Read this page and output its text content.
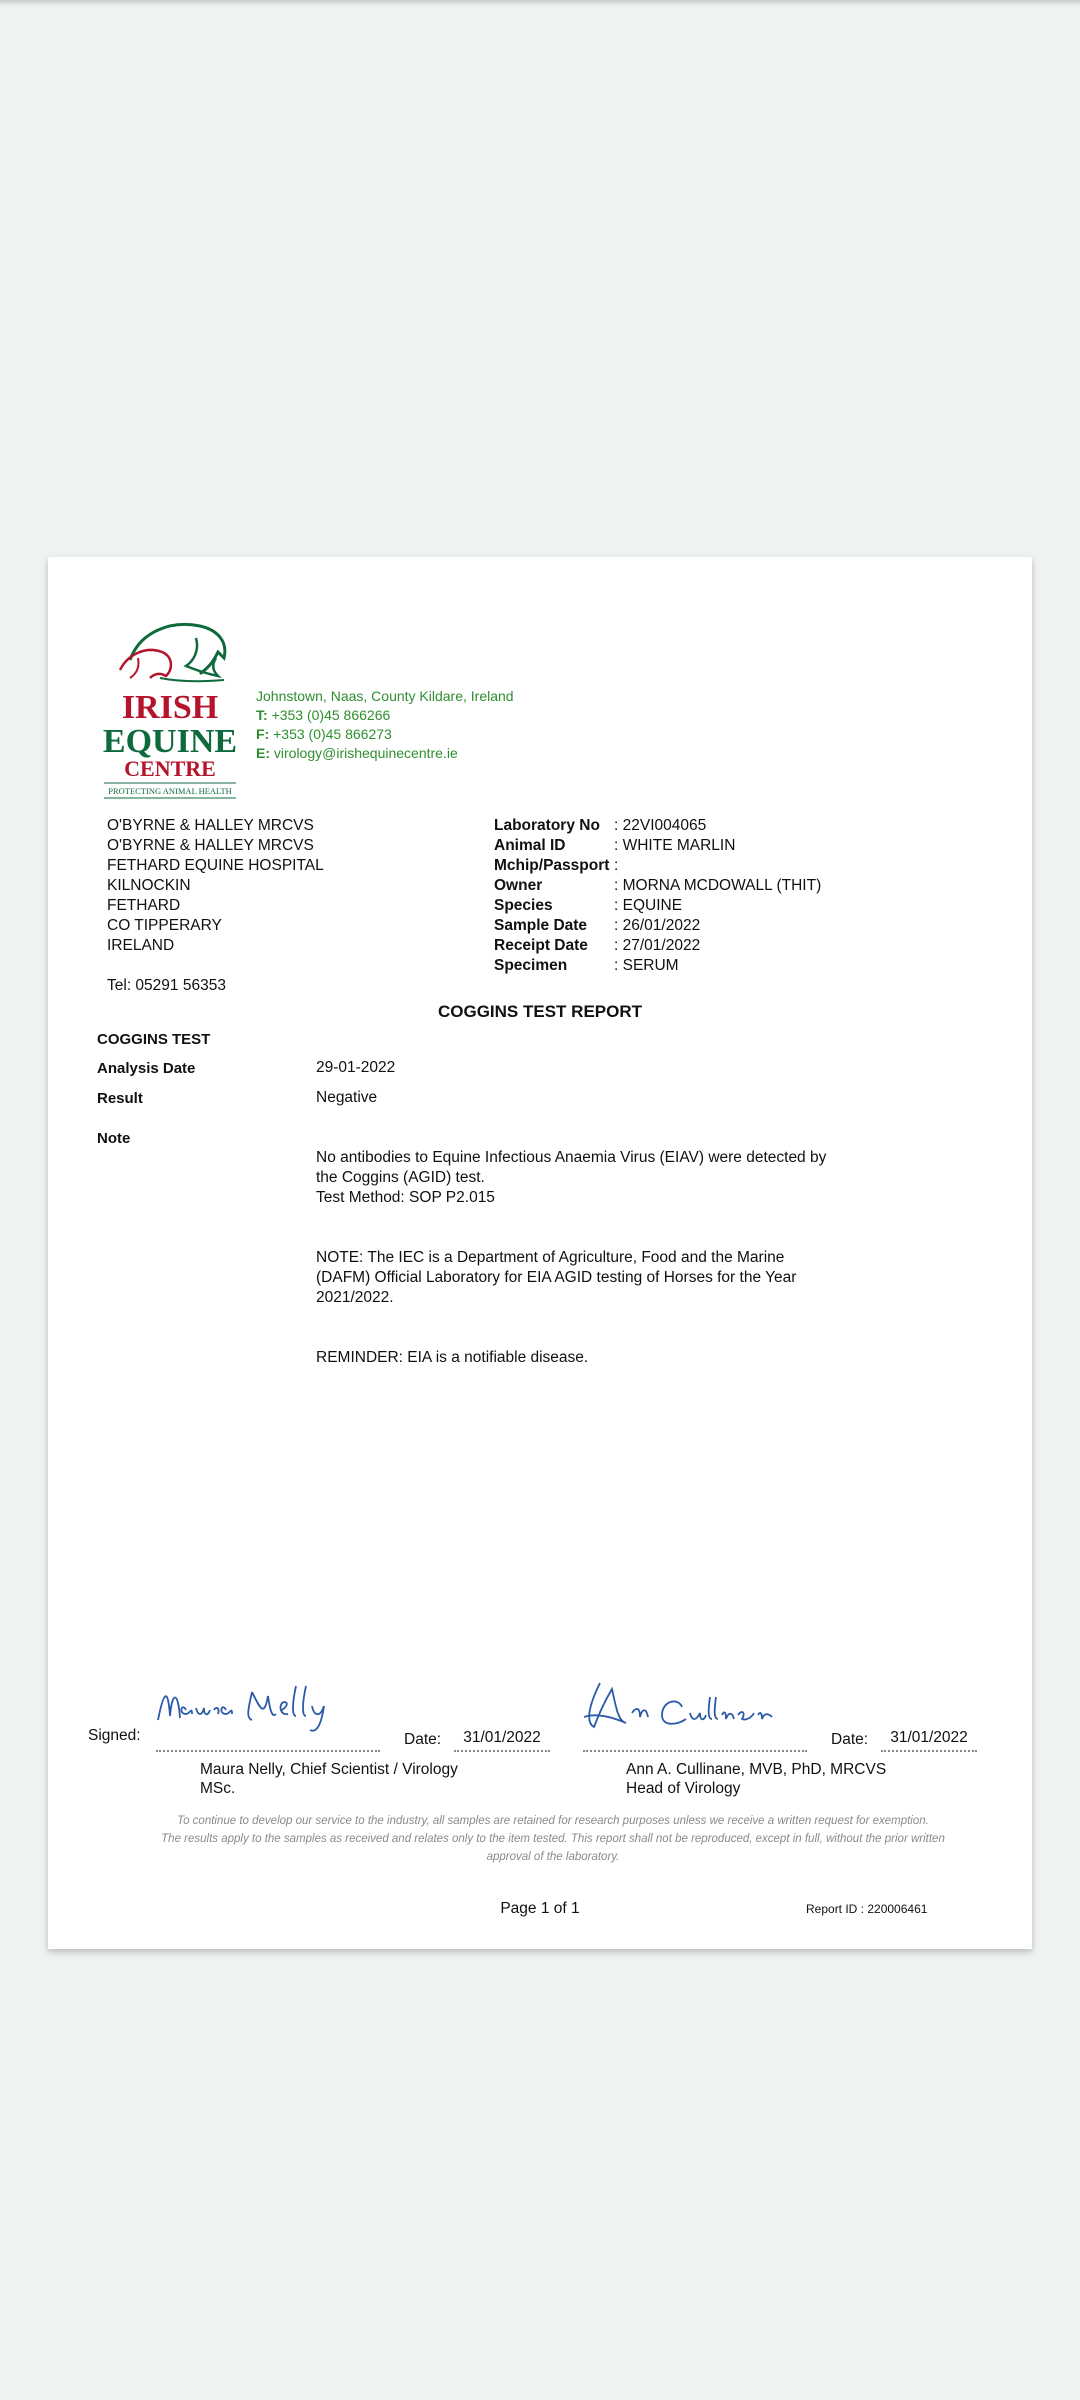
IRISH
EQUINE
CENTRE
PROTECTING ANIMAL HEALTH
Johnstown, Naas, County Kildare, Ireland
T: +353 (0)45 866266
F: +353 (0)45 866273
E: virology@irishequinecentre.ie
O'BYRNE & HALLEY MRCVS
O'BYRNE & HALLEY MRCVS
FETHARD EQUINE HOSPITAL
KILNOCKIN
FETHARD
CO TIPPERARY
IRELAND
Tel: 05291 56353
Laboratory No : 22VI004065
Animal ID	: WHITE MARLIN
Mchip/Passport :
Owner	: MORNA MCDOWALL (THIT)
Species	: EQUINE
Sample Date	: 26/01/2022
Receipt Date	: 27/01/2022
Specimen	: SERUM
COGGINS TEST REPORT
COGGINS TEST
Analysis Date	29-01-2022
Result	Negative
Note

No antibodies to Equine Infectious Anaemia Virus (EIAV) were detected by the Coggins (AGID) test.
Test Method: SOP P2.015

NOTE: The IEC is a Department of Agriculture, Food and the Marine (DAFM) Official Laboratory for EIA AGID testing of Horses for the Year 2021/2022.

REMINDER: EIA is a notifiable disease.

Signed:	Date:	31/01/2022	Date:	31/01/2022
Maura Nelly, Chief Scientist / Virology
MSc.
Ann A. Cullinane, MVB, PhD, MRCVS
Head of Virology
To continue to develop our service to the industry, all samples are retained for research purposes unless we receive a written request for exemption.
The results apply to the samples as received and relates only to the item tested. This report shall not be reproduced, except in full, without the prior written approval of the laboratory.
Page 1 of 1	Report ID : 220006461
